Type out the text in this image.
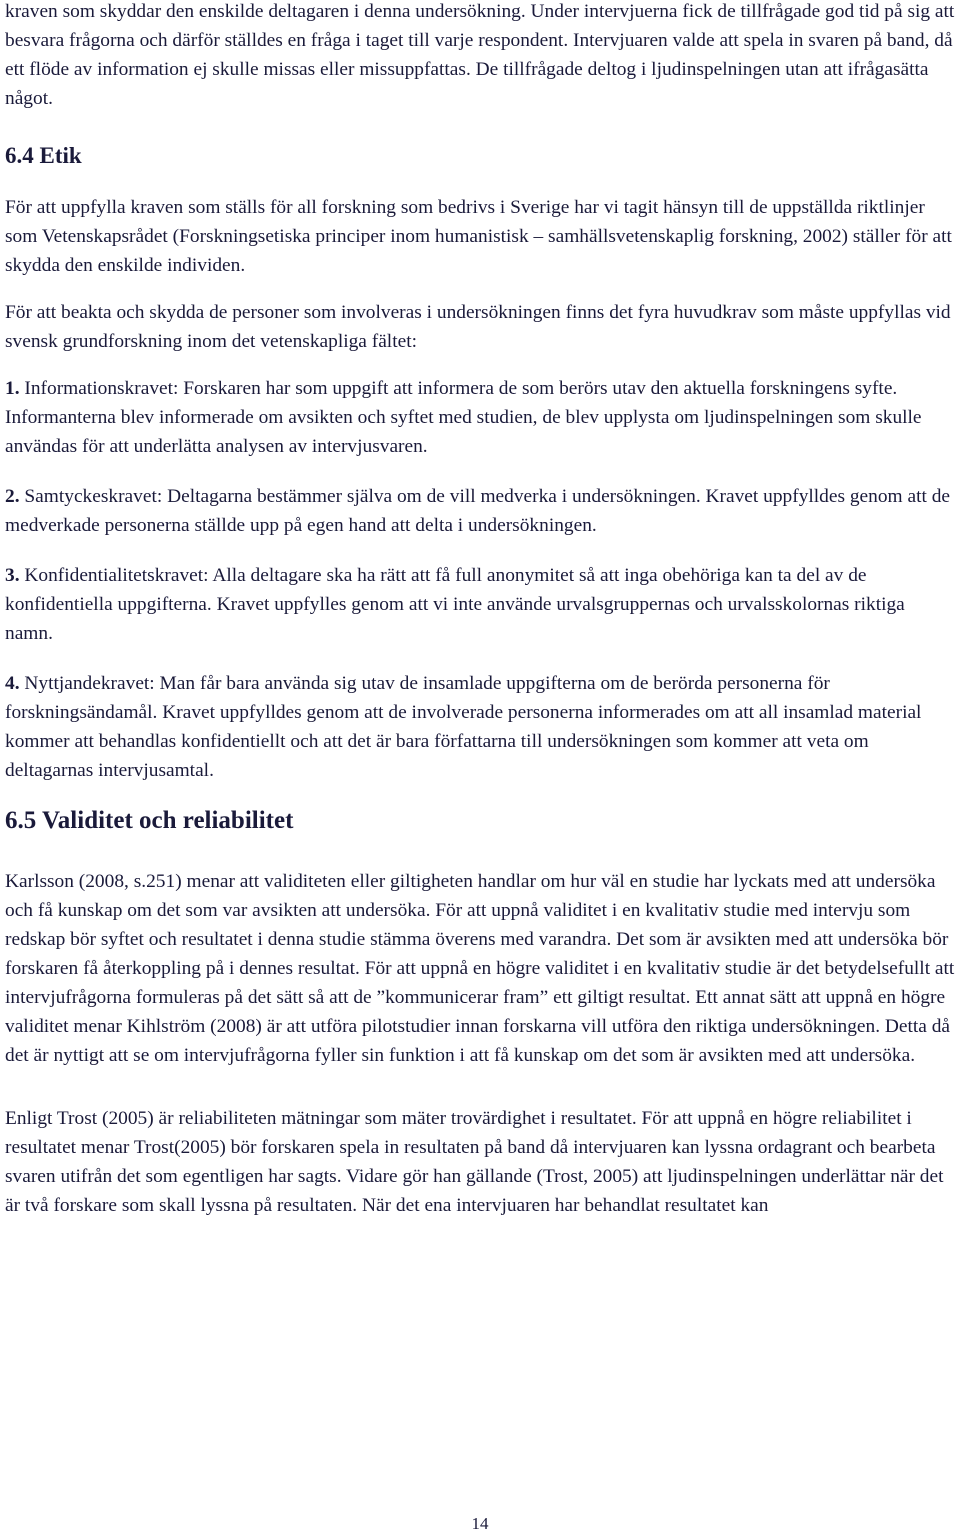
kraven som skyddar den enskilde deltagaren i denna undersökning. Under intervjuerna fick de tillfrågade god tid på sig att besvara frågorna och därför ställdes en fråga i taget till varje respondent. Intervjuaren valde att spela in svaren på band, då ett flöde av information ej skulle missas eller missuppfattas. De tillfrågade deltog i ljudinspelningen utan att ifrågasätta något.

6.4 Etik

För att uppfylla kraven som ställs för all forskning som bedrivs i Sverige har vi tagit hänsyn till de uppställda riktlinjer som Vetenskapsrådet (Forskningsetiska principer inom humanistisk – samhällsvetenskaplig forskning, 2002) ställer för att skydda den enskilde individen.

För att beakta och skydda de personer som involveras i undersökningen finns det fyra huvudkrav som måste uppfyllas vid svensk grundforskning inom det vetenskapliga fältet:

1. Informationskravet: Forskaren har som uppgift att informera de som berörs utav den aktuella forskningens syfte.

Informanterna blev informerade om avsikten och syftet med studien, de blev upplysta om ljudinspelningen som skulle användas för att underlätta analysen av intervjusvaren.

2. Samtyckeskravet: Deltagarna bestämmer själva om de vill medverka i undersökningen. Kravet uppfylldes genom att de medverkade personerna ställde upp på egen hand att delta i undersökningen.

3. Konfidentialitetskravet: Alla deltagare ska ha rätt att få full anonymitet så att inga obehöriga kan ta del av de konfidentiella uppgifterna. Kravet uppfylles genom att vi inte använde urvalsgruppernas och urvalsskolornas riktiga namn.

4. Nyttjandekravet: Man får bara använda sig utav de insamlade uppgifterna om de berörda personerna för forskningsändamål. Kravet uppfylldes genom att de involverade personerna informerades om att all insamlad material kommer att behandlas konfidentiellt och att det är bara författarna till undersökningen som kommer att veta om deltagarnas intervjusamtal.

6.5 Validitet och reliabilitet

Karlsson (2008, s.251) menar att validiteten eller giltigheten handlar om hur väl en studie har lyckats med att undersöka och få kunskap om det som var avsikten att undersöka. För att uppnå validitet i en kvalitativ studie med intervju som redskap bör syftet och resultatet i denna studie stämma överens med varandra. Det som är avsikten med att undersöka bör forskaren få återkoppling på i dennes resultat. För att uppnå en högre validitet i en kvalitativ studie är det betydelsefullt att intervjufrågorna formuleras på det sätt så att de ”kommunicerar fram” ett giltigt resultat. Ett annat sätt att uppnå en högre validitet menar Kihlström (2008) är att utföra pilotstudier innan forskarna vill utföra den riktiga undersökningen. Detta då det är nyttigt att se om intervjufrågorna fyller sin funktion i att få kunskap om det som är avsikten med att undersöka.

Enligt Trost (2005) är reliabiliteten mätningar som mäter trovärdighet i resultatet. För att uppnå en högre reliabilitet i resultatet menar Trost(2005) bör forskaren spela in resultaten på band då intervjuaren kan lyssna ordagrant och bearbeta svaren utifrån det som egentligen har sagts. Vidare gör han gällande (Trost, 2005) att ljudinspelningen underlättar när det är två forskare som skall lyssna på resultaten. När det ena intervjuaren har behandlat resultatet kan

14
